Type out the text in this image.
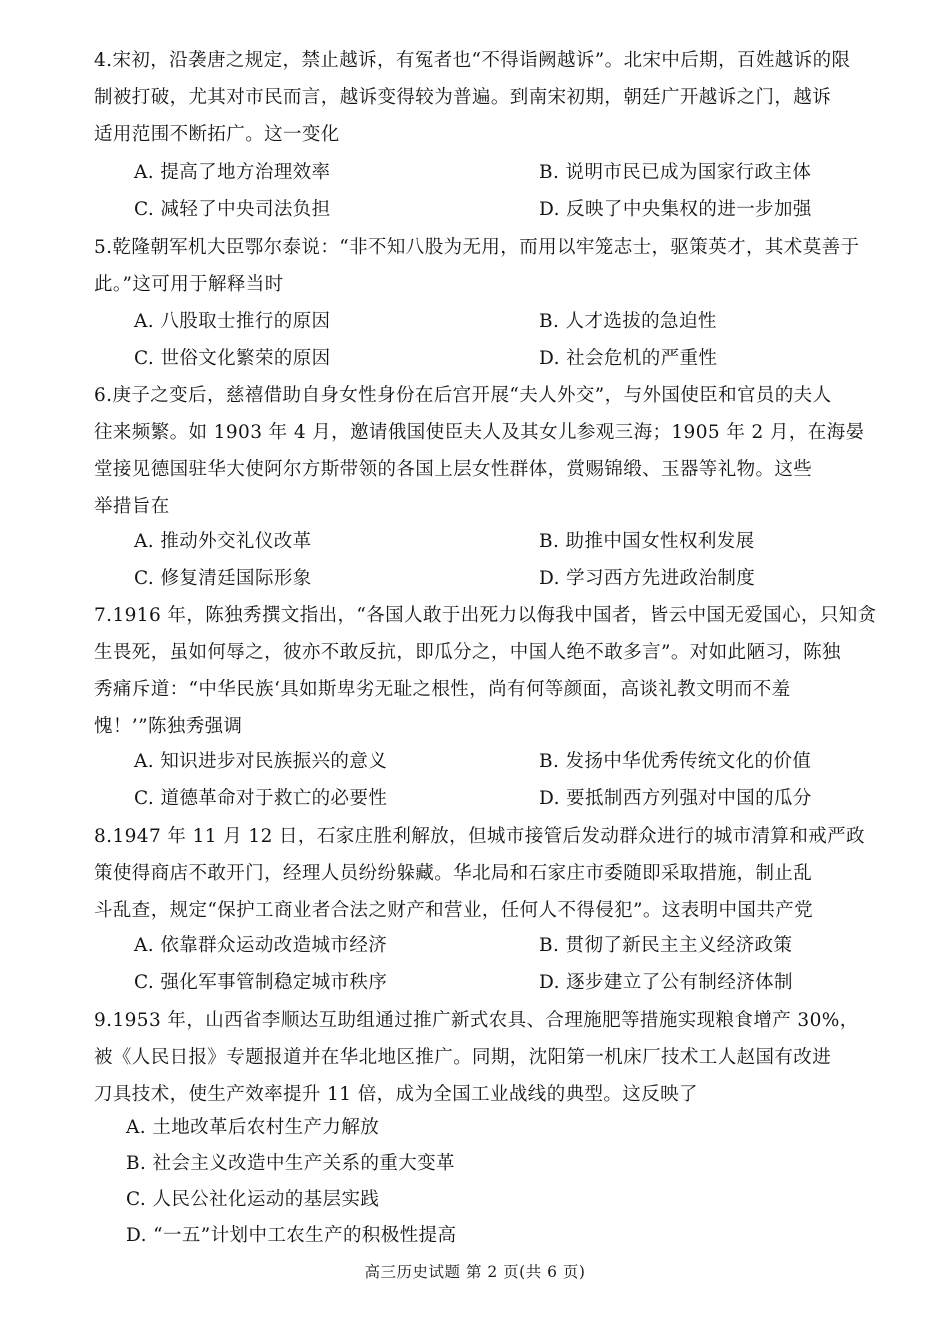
4.宋初，沿袭唐之规定，禁止越诉，有冤者也“不得诣阙越诉”。北宋中后期，百姓越诉的限
制被打破，尤其对市民而言，越诉变得较为普遍。到南宋初期，朝廷广开越诉之门，越诉
适用范围不断拓广。这一变化
A. 提高了地方治理效率	B. 说明市民已成为国家行政主体
C. 减轻了中央司法负担	D. 反映了中央集权的进一步加强
5.乾隆朝军机大臣鄂尔泰说：“非不知八股为无用，而用以牢笼志士，驱策英才，其术莫善于
此。”这可用于解释当时
A. 八股取士推行的原因	B. 人才选拔的急迫性
C. 世俗文化繁荣的原因	D. 社会危机的严重性
6.庚子之变后，慈禧借助自身女性身份在后宫开展“夫人外交”，与外国使臣和官员的夫人
往来频繁。如 1903 年 4 月，邀请俄国使臣夫人及其女儿参观三海；1905 年 2 月，在海晏
堂接见德国驻华大使阿尔方斯带领的各国上层女性群体，赏赐锦缎、玉器等礼物。这些
举措旨在
A. 推动外交礼仪改革	B. 助推中国女性权利发展
C. 修复清廷国际形象	D. 学习西方先进政治制度
7.1916 年，陈独秀撰文指出，“各国人敢于出死力以侮我中国者，皆云中国无爱国心，只知贪
生畏死，虽如何辱之，彼亦不敢反抗，即瓜分之，中国人绝不敢多言”。对如此陋习，陈独
秀痛斥道：“中华民族‘具如斯卑劣无耻之根性，尚有何等颜面，高谈礼教文明而不羞
愧！’”陈独秀强调
A. 知识进步对民族振兴的意义	B. 发扬中华优秀传统文化的价值
C. 道德革命对于救亡的必要性	D. 要抵制西方列强对中国的瓜分
8.1947 年 11 月 12 日，石家庄胜利解放，但城市接管后发动群众进行的城市清算和戒严政
策使得商店不敢开门，经理人员纷纷躲藏。华北局和石家庄市委随即采取措施，制止乱
斗乱查，规定“保护工商业者合法之财产和营业，任何人不得侵犯”。这表明中国共产党
A. 依靠群众运动改造城市经济	B. 贯彻了新民主主义经济政策
C. 强化军事管制稳定城市秩序	D. 逐步建立了公有制经济体制
9.1953 年，山西省李顺达互助组通过推广新式农具、合理施肥等措施实现粮食增产 30%，
被《人民日报》专题报道并在华北地区推广。同期，沈阳第一机床厂技术工人赵国有改进
刀具技术，使生产效率提升 11 倍，成为全国工业战线的典型。这反映了
A. 土地改革后农村生产力解放
B. 社会主义改造中生产关系的重大变革
C. 人民公社化运动的基层实践
D. “一五”计划中工农生产的积极性提高
高三历史试题 第 2 页(共 6 页)
